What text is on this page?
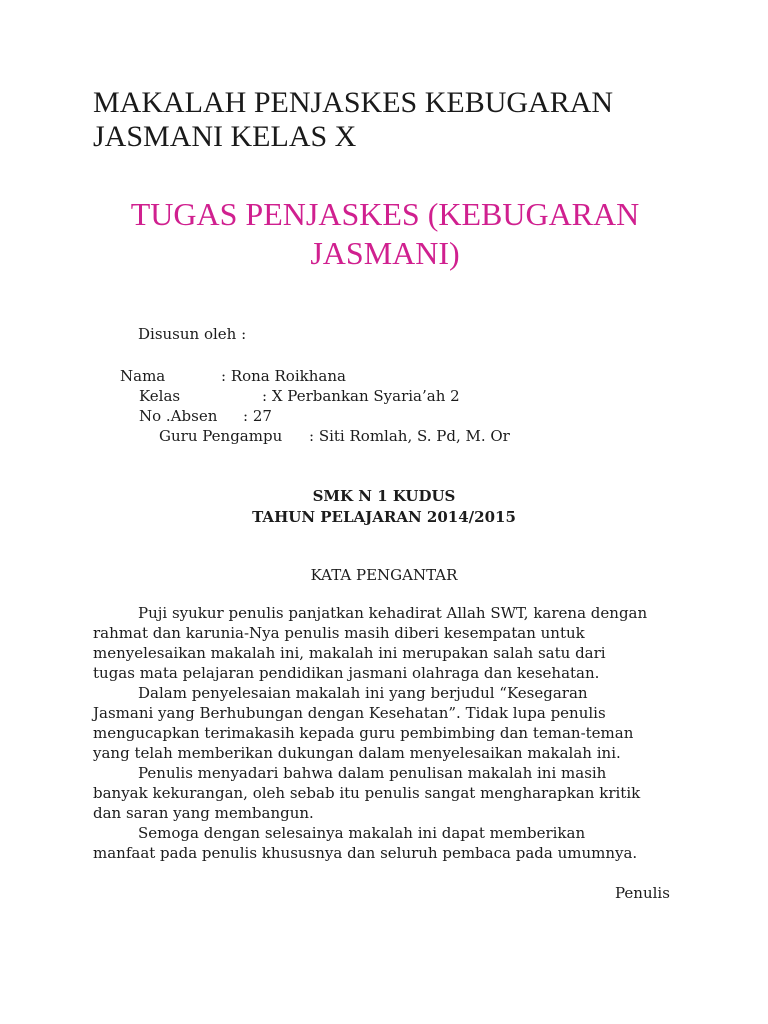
MAKALAH PENJASKES KEBUGARAN
JASMANI KELAS X
TUGAS PENJASKES (KEBUGARAN
JASMANI)
Disusun oleh :
Nama	: Rona Roikhana
Kelas	: X Perbankan Syaria’ah 2
No .Absen : 27
Guru Pengampu : Siti Romlah, S. Pd, M. Or
SMK N 1 KUDUS
TAHUN PELAJARAN 2014/2015
KATA PENGANTAR
Puji syukur penulis panjatkan kehadirat Allah SWT, karena dengan
rahmat dan karunia-Nya penulis masih diberi kesempatan untuk
menyelesaikan makalah ini, makalah ini merupakan salah satu dari
tugas mata pelajaran pendidikan jasmani olahraga dan kesehatan.
Dalam penyelesaian makalah ini yang berjudul “Kesegaran
Jasmani yang Berhubungan dengan Kesehatan”. Tidak lupa penulis
mengucapkan terimakasih kepada guru pembimbing dan teman-teman
yang telah memberikan dukungan dalam menyelesaikan makalah ini.
Penulis menyadari bahwa dalam penulisan makalah ini masih
banyak kekurangan, oleh sebab itu penulis sangat mengharapkan kritik
dan saran yang membangun.
Semoga dengan selesainya makalah ini dapat memberikan
manfaat pada penulis khususnya dan seluruh pembaca pada umumnya.
Penulis
